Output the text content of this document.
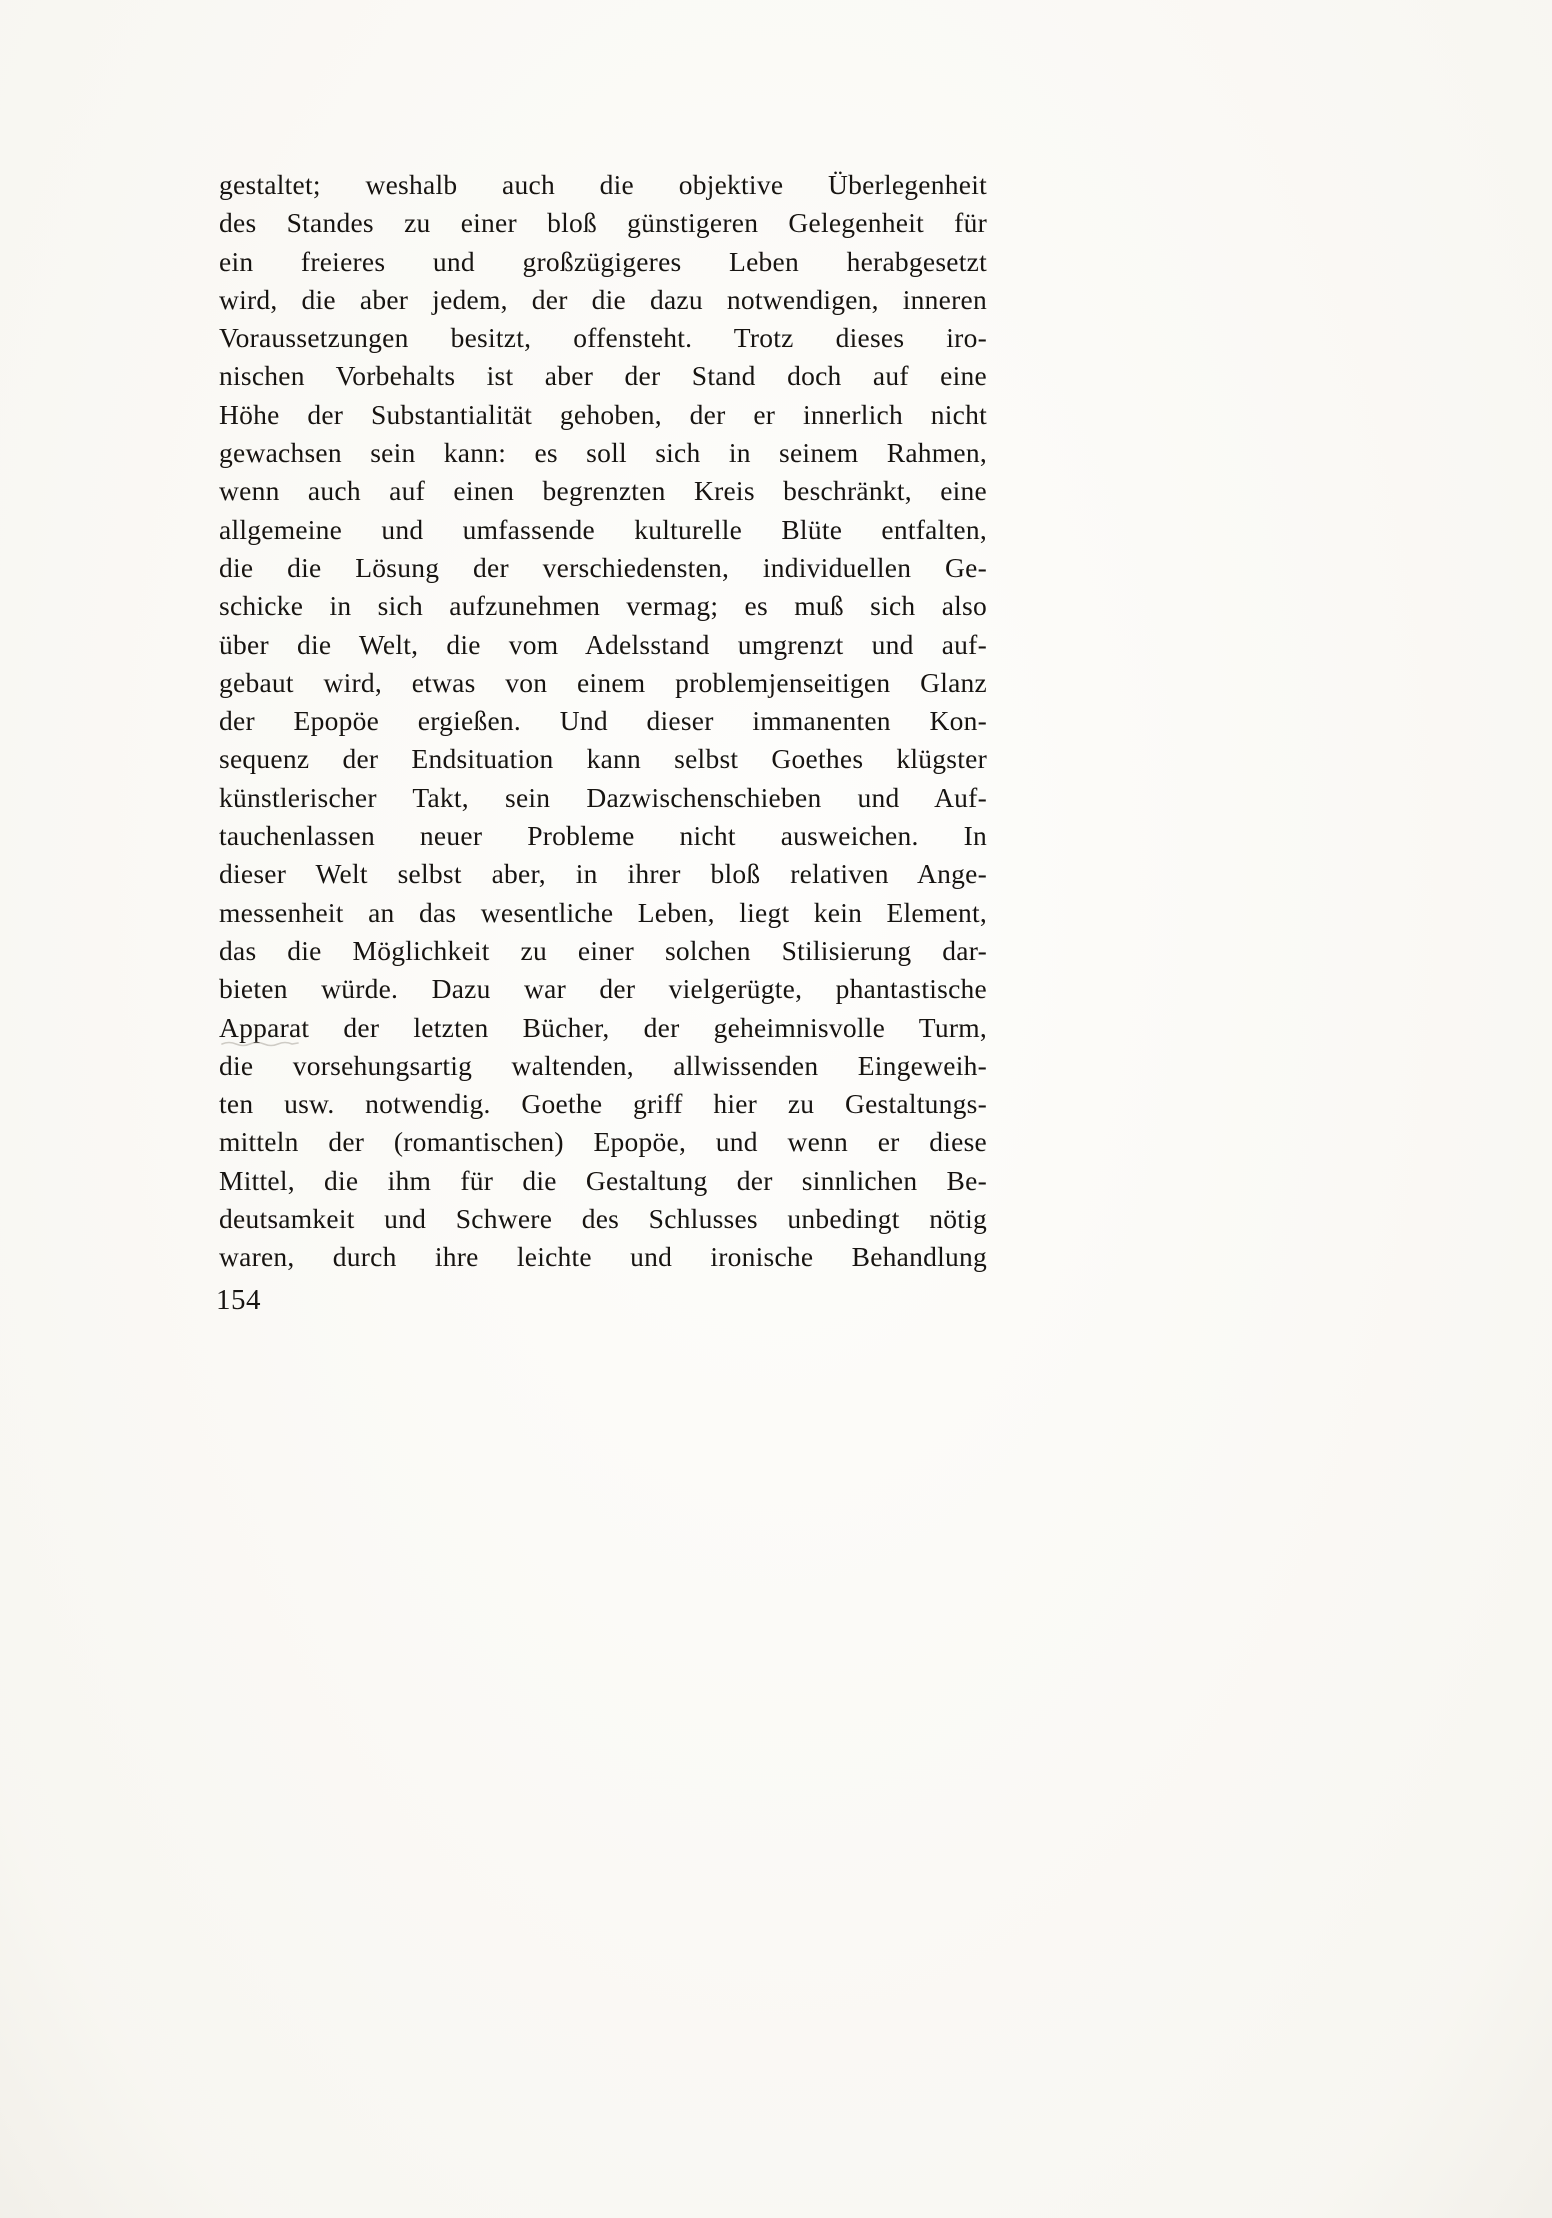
gestaltet; weshalb auch die objektive Überlegenheit
des Standes zu einer bloß günstigeren Gelegenheit für
ein freieres und großzügigeres Leben herabgesetzt
wird, die aber jedem, der die dazu notwendigen, inneren
Voraussetzungen besitzt, offensteht. Trotz dieses iro-
nischen Vorbehalts ist aber der Stand doch auf eine
Höhe der Substantialität gehoben, der er innerlich nicht
gewachsen sein kann: es soll sich in seinem Rahmen,
wenn auch auf einen begrenzten Kreis beschränkt, eine
allgemeine und umfassende kulturelle Blüte entfalten,
die die Lösung der verschiedensten, individuellen Ge-
schicke in sich aufzunehmen vermag; es muß sich also
über die Welt, die vom Adelsstand umgrenzt und auf-
gebaut wird, etwas von einem problemjenseitigen Glanz
der Epopöe ergießen. Und dieser immanenten Kon-
sequenz der Endsituation kann selbst Goethes klügster
künstlerischer Takt, sein Dazwischenschieben und Auf-
tauchenlassen neuer Probleme nicht ausweichen. In
dieser Welt selbst aber, in ihrer bloß relativen Ange-
messenheit an das wesentliche Leben, liegt kein Element,
das die Möglichkeit zu einer solchen Stilisierung dar-
bieten würde. Dazu war der vielgerügte, phantastische
Apparat der letzten Bücher, der geheimnisvolle Turm,
die vorsehungsartig waltenden, allwissenden Eingeweih-
ten usw. notwendig. Goethe griff hier zu Gestaltungs-
mitteln der (romantischen) Epopöe, und wenn er diese
Mittel, die ihm für die Gestaltung der sinnlichen Be-
deutsamkeit und Schwere des Schlusses unbedingt nötig
waren, durch ihre leichte und ironische Behandlung
154
